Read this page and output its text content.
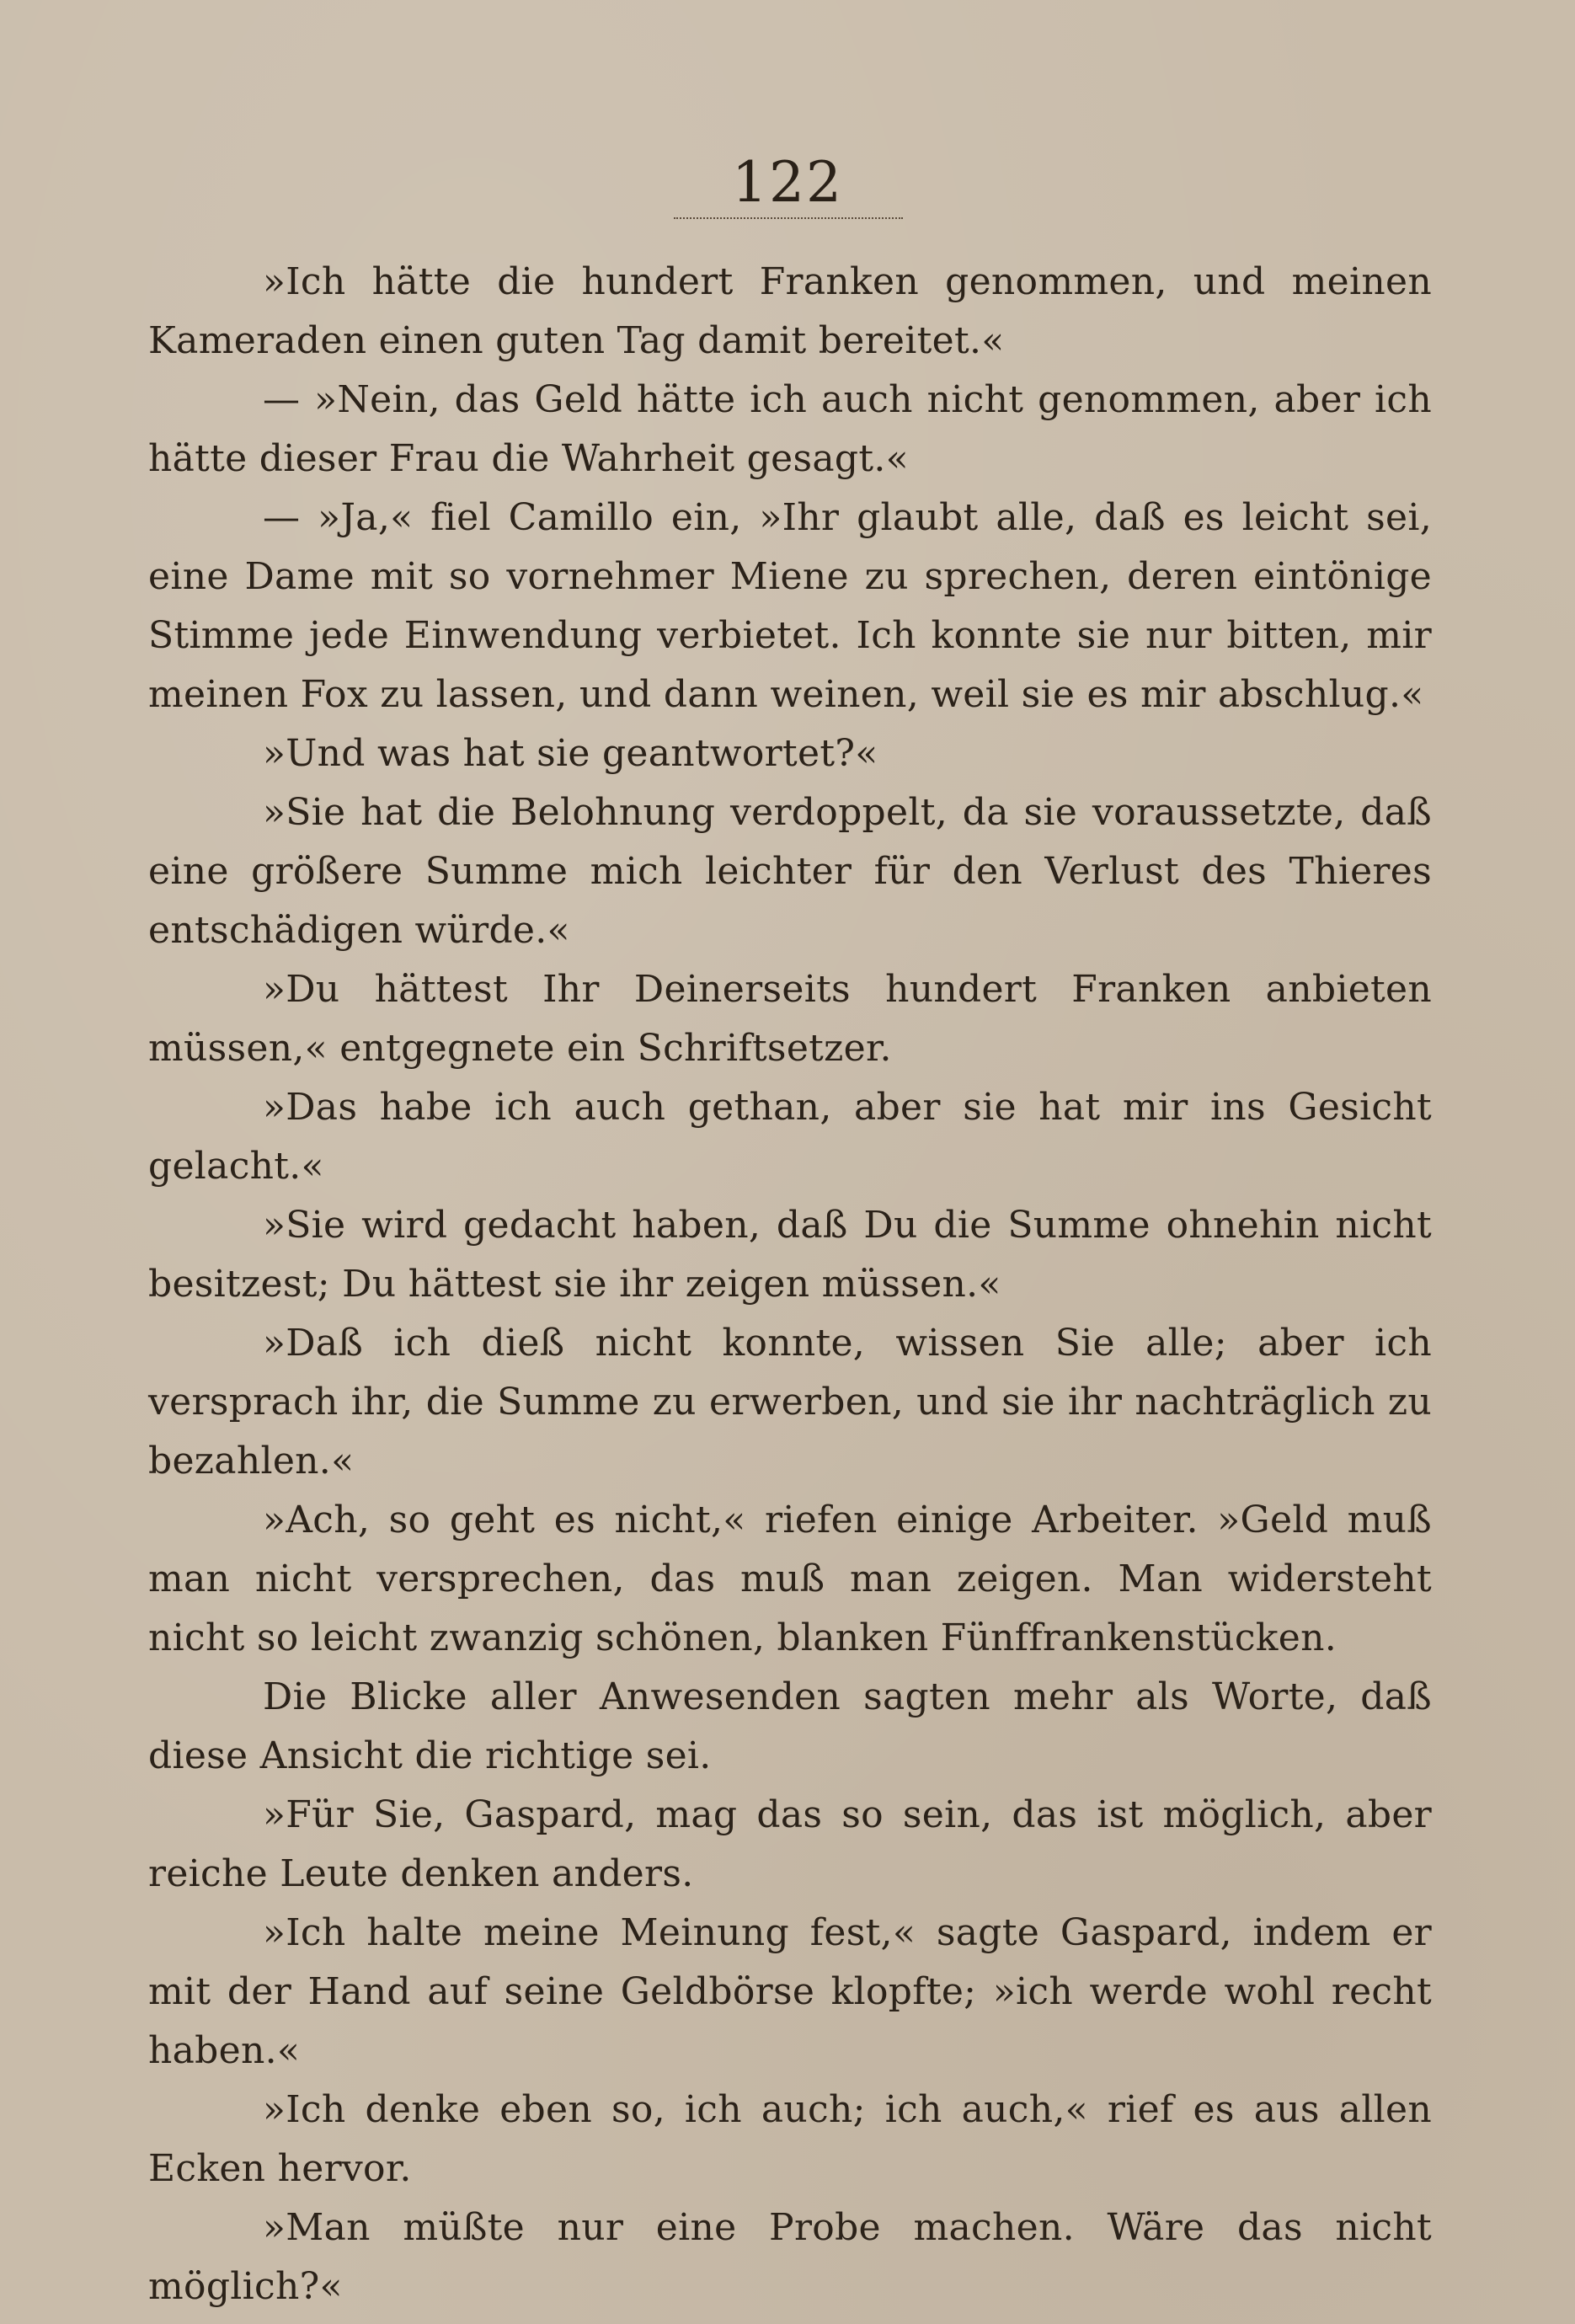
122

»Ich hätte die hundert Franken genommen, und meinen Kameraden einen guten Tag damit bereitet.«

— »Nein, das Geld hätte ich auch nicht genommen, aber ich hätte dieser Frau die Wahrheit gesagt.«

— »Ja,« fiel Camillo ein, »Ihr glaubt alle, daß es leicht sei, eine Dame mit so vornehmer Miene zu sprechen, deren eintönige Stimme jede Einwendung verbietet. Ich konnte sie nur bitten, mir meinen Fox zu lassen, und dann weinen, weil sie es mir abschlug.«

»Und was hat sie geantwortet?«

»Sie hat die Belohnung verdoppelt, da sie voraussetzte, daß eine größere Summe mich leichter für den Verlust des Thieres entschädigen würde.«

»Du hättest Ihr Deinerseits hundert Franken anbieten müssen,« entgegnete ein Schriftsetzer.

»Das habe ich auch gethan, aber sie hat mir ins Gesicht gelacht.«

»Sie wird gedacht haben, daß Du die Summe ohnehin nicht besitzest; Du hättest sie ihr zeigen müssen.«

»Daß ich dieß nicht konnte, wissen Sie alle; aber ich versprach ihr, die Summe zu erwerben, und sie ihr nachträglich zu bezahlen.«

»Ach, so geht es nicht,« riefen einige Arbeiter. »Geld muß man nicht versprechen, das muß man zeigen. Man widersteht nicht so leicht zwanzig schönen, blanken Fünffrankenstücken.

Die Blicke aller Anwesenden sagten mehr als Worte, daß diese Ansicht die richtige sei.

»Für Sie, Gaspard, mag das so sein, das ist möglich, aber reiche Leute denken anders.

»Ich halte meine Meinung fest,« sagte Gaspard, indem er mit der Hand auf seine Geldbörse klopfte; »ich werde wohl recht haben.«

»Ich denke eben so, ich auch; ich auch,« rief es aus allen Ecken hervor.

»Man müßte nur eine Probe machen. Wäre das nicht möglich?«
